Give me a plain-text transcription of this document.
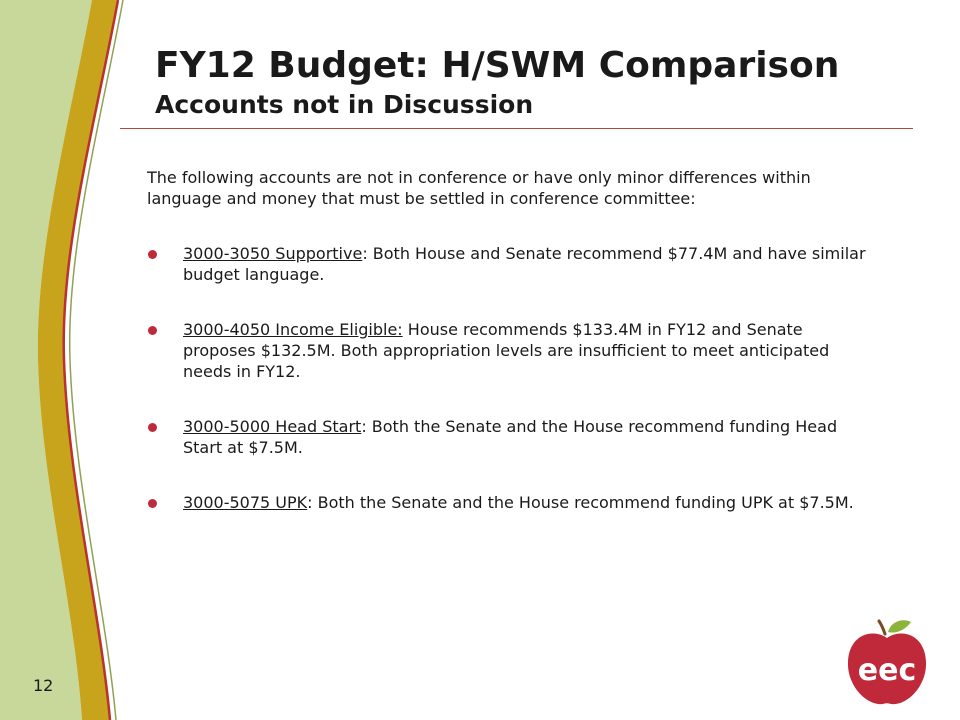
FY12 Budget: H/SWM Comparison
Accounts not in Discussion

The following accounts are not in conference or have only minor differences within language and money that must be settled in conference committee:

3000-3050 Supportive: Both House and Senate recommend $77.4M and have similar budget language.
3000-4050 Income Eligible: House recommends $133.4M in FY12 and Senate proposes $132.5M. Both appropriation levels are insufficient to meet anticipated needs in FY12.
3000-5000 Head Start: Both the Senate and the House recommend funding Head Start at $7.5M.
3000-5075 UPK: Both the Senate and the House recommend funding UPK at $7.5M.
12	eec
